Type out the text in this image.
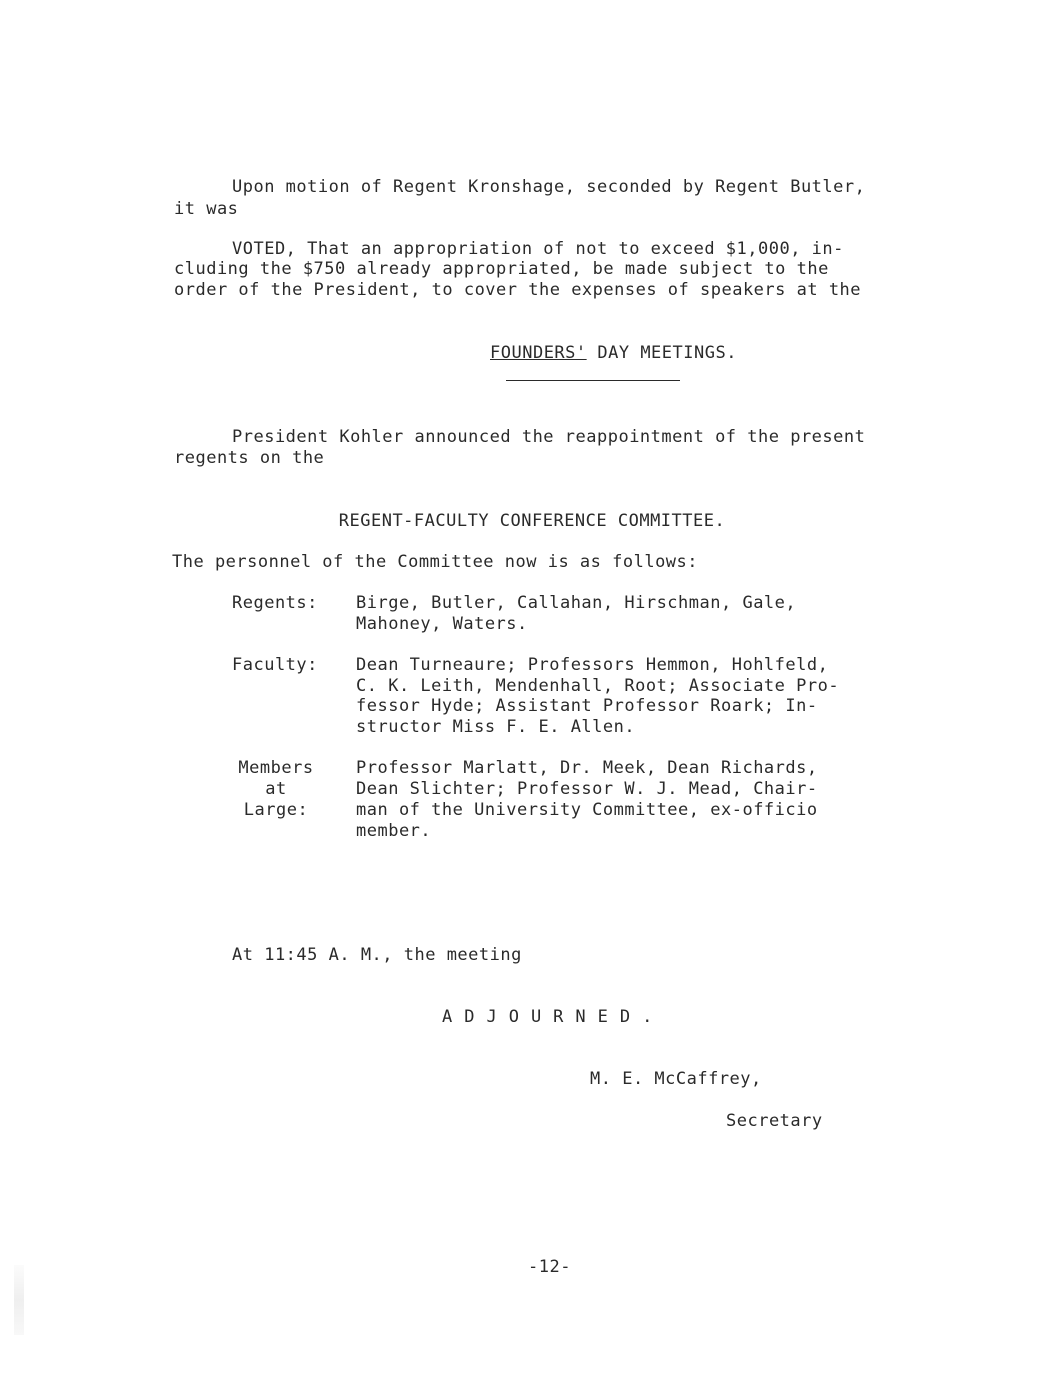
Upon motion of Regent Kronshage, seconded by Regent Butler,
it was
VOTED, That an appropriation of not to exceed $1,000, in-
cluding the $750 already appropriated, be made subject to the
order of the President, to cover the expenses of speakers at the

FOUNDERS' DAY MEETINGS.

President Kohler announced the reappointment of the present
regents on the
REGENT-FACULTY CONFERENCE COMMITTEE.
The personnel of the Committee now is as follows:
Regents: Birge, Butler, Callahan, Hirschman, Gale,
Mahoney, Waters.
Faculty: Dean Turneaure; Professors Hemmon, Hohlfeld,
C. K. Leith, Mendenhall, Root; Associate Pro-
fessor Hyde; Assistant Professor Roark; In-
structor Miss F. E. Allen.
Members
at
Large:
Professor Marlatt, Dr. Meek, Dean Richards,
Dean Slichter; Professor W. J. Mead, Chair-
man of the University Committee, ex-officio
member.
At 11:45 A. M., the meeting
ADJOURNED.
M. E. McCaffrey,
Secretary
-12-
